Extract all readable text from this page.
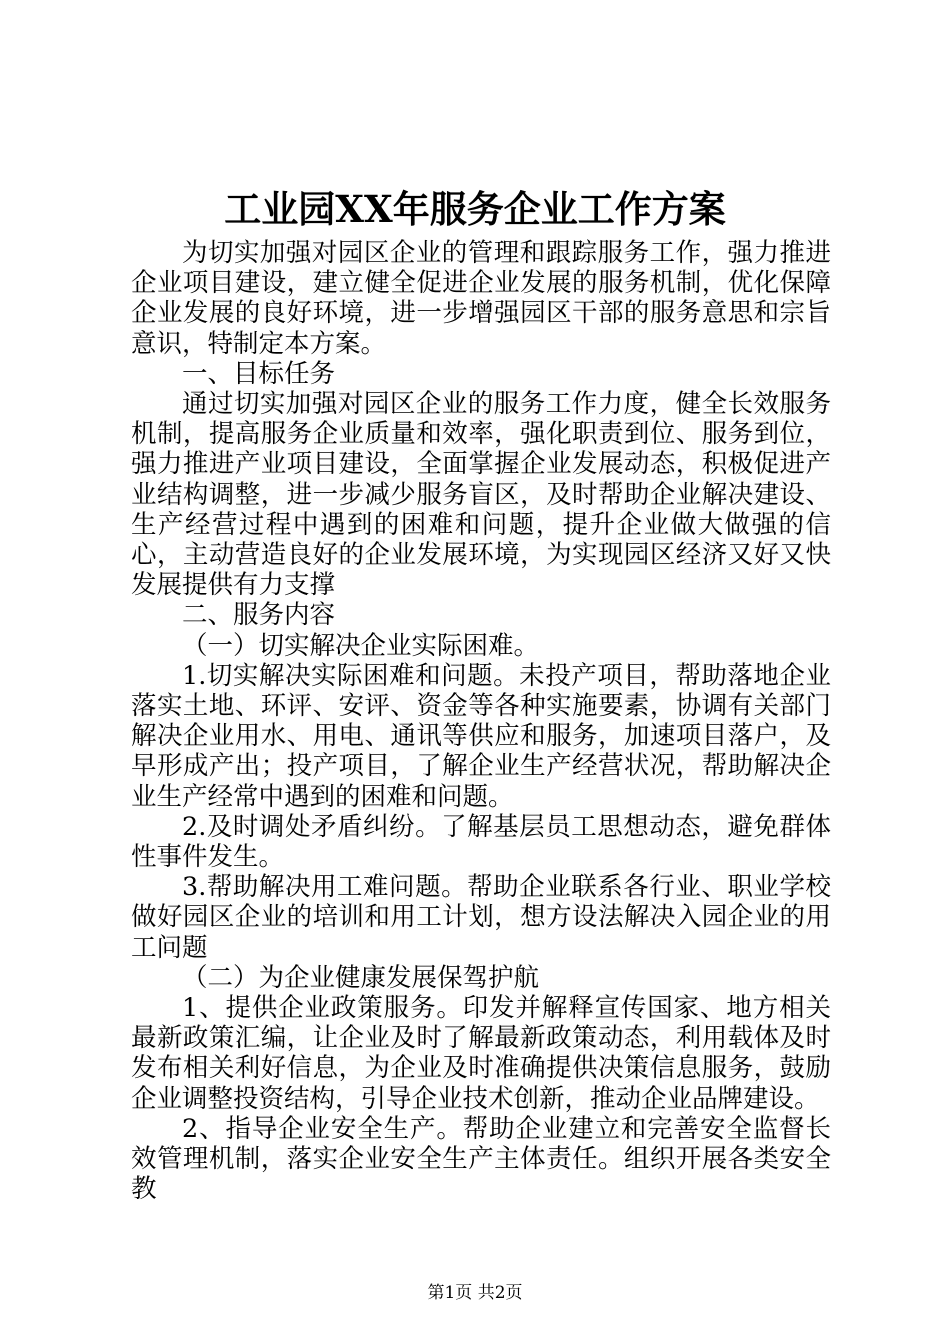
工业园XX年服务企业工作方案

为切实加强对园区企业的管理和跟踪服务工作，强力推进企业项目建设，建立健全促进企业发展的服务机制，优化保障企业发展的良好环境，进一步增强园区干部的服务意思和宗旨意识，特制定本方案。

一、目标任务

通过切实加强对园区企业的服务工作力度，健全长效服务机制，提高服务企业质量和效率，强化职责到位、服务到位，强力推进产业项目建设，全面掌握企业发展动态，积极促进产业结构调整，进一步减少服务盲区，及时帮助企业解决建设、生产经营过程中遇到的困难和问题，提升企业做大做强的信心，主动营造良好的企业发展环境，为实现园区经济又好又快发展提供有力支撑

二、服务内容

（一）切实解决企业实际困难。

1.切实解决实际困难和问题。未投产项目，帮助落地企业落实土地、环评、安评、资金等各种实施要素，协调有关部门解决企业用水、用电、通讯等供应和服务，加速项目落户，及早形成产出；投产项目，了解企业生产经营状况，帮助解决企业生产经常中遇到的困难和问题。

2.及时调处矛盾纠纷。了解基层员工思想动态，避免群体性事件发生。

3.帮助解决用工难问题。帮助企业联系各行业、职业学校做好园区企业的培训和用工计划，想方设法解决入园企业的用工问题

（二）为企业健康发展保驾护航

1、提供企业政策服务。印发并解释宣传国家、地方相关最新政策汇编，让企业及时了解最新政策动态，利用载体及时发布相关利好信息，为企业及时准确提供决策信息服务，鼓励企业调整投资结构，引导企业技术创新，推动企业品牌建设。

2、指导企业安全生产。帮助企业建立和完善安全监督长效管理机制，落实企业安全生产主体责任。组织开展各类安全教

第1页 共2页
